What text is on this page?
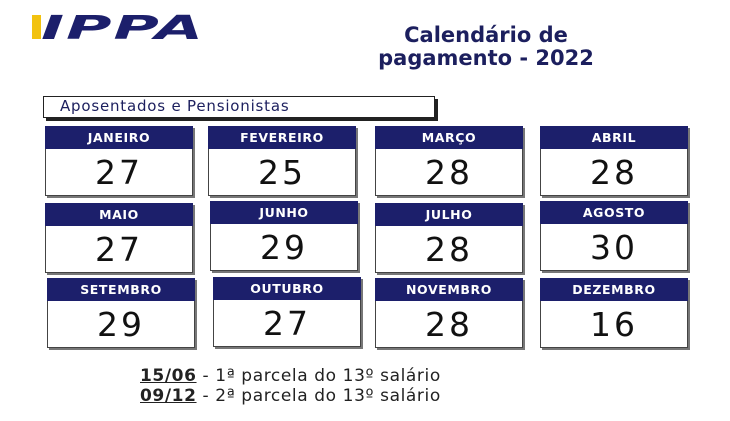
IPPA	Calendário de
pagamento - 2022
Aposentados e Pensionistas
JANEIRO
27
FEVEREIRO
25
MARÇO
28
ABRIL
28
MAIO
27
JUNHO
29
JULHO
28
AGOSTO
30
SETEMBRO
29
OUTUBRO
27
NOVEMBRO
28
DEZEMBRO
16
15/06 - 1ª parcela do 13º salário
09/12 - 2ª parcela do 13º salário
